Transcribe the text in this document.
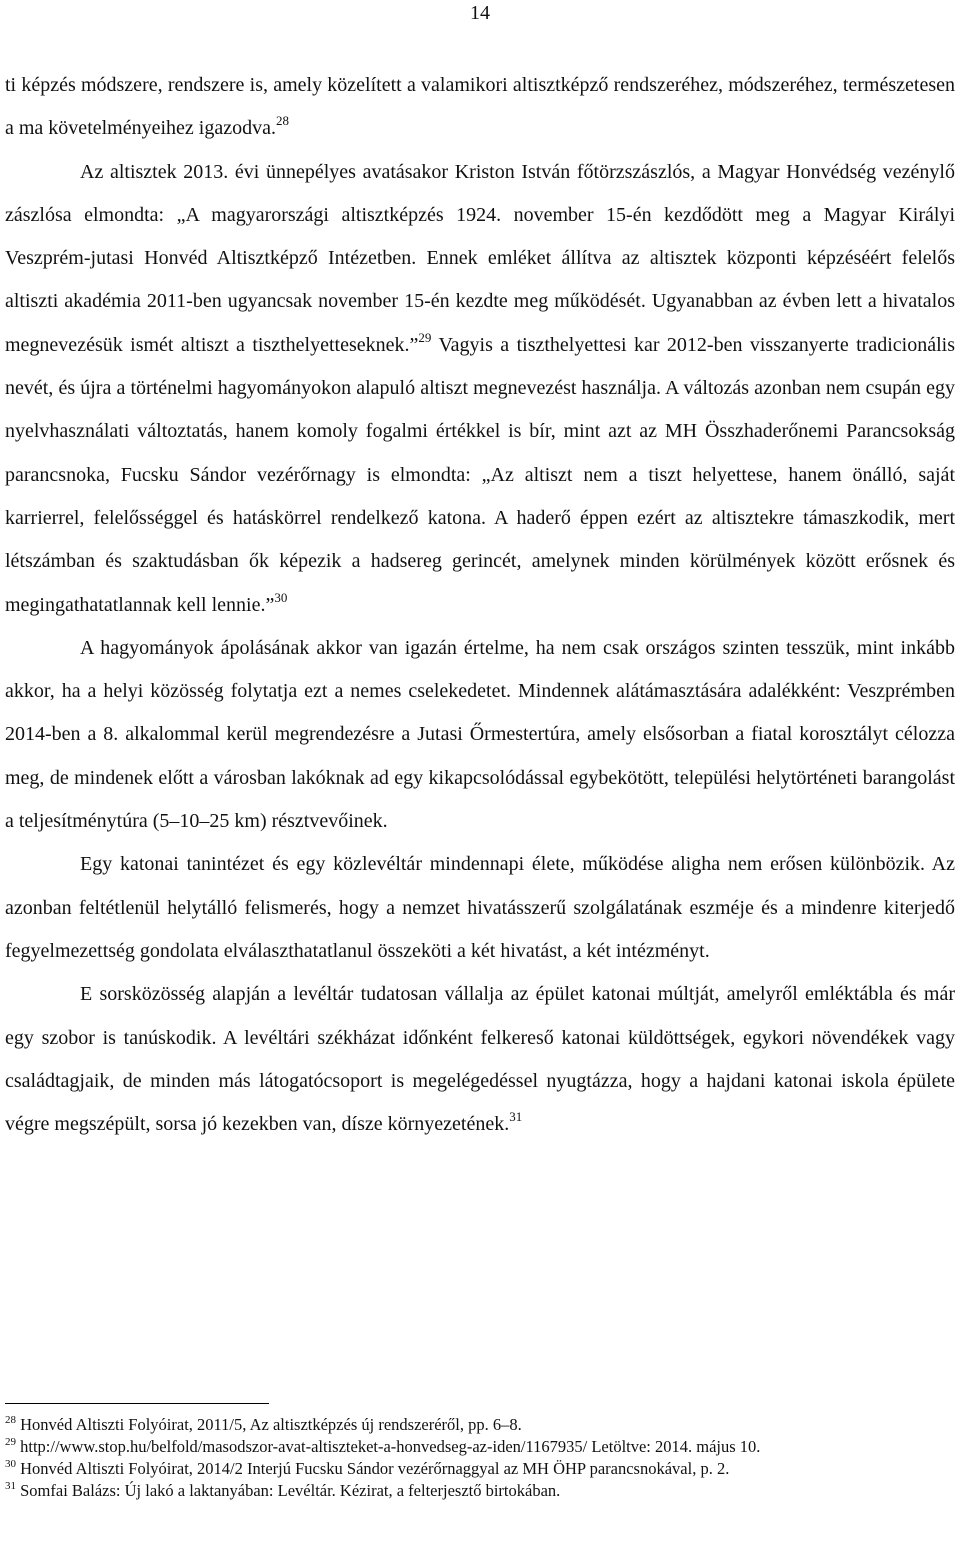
14

ti képzés módszere, rendszere is, amely közelített a valamikori altisztképző rendszeréhez, módszeréhez, természetesen a ma követelményeihez igazodva.$^{28}$

Az altisztek 2013. évi ünnepélyes avatásakor Kriston István főtörzszászlós, a Magyar Honvédség vezénylő zászlósa elmondta: „A magyarországi altisztképzés 1924. november 15-én kezdődött meg a Magyar Királyi Veszprém-jutasi Honvéd Altisztképző Intézetben. Ennek emléket állítva az altisztek központi képzéséért felelős altiszti akadémia 2011-ben ugyancsak november 15-én kezdte meg működését. Ugyanabban az évben lett a hivatalos megnevezésük ismét altiszt a tiszthelyetteseknek.”$^{29}$ Vagyis a tiszthelyettesi kar 2012-ben visszanyerte tradicionális nevét, és újra a történelmi hagyományokon alapuló altiszt megnevezést használja. A változás azonban nem csupán egy nyelvhasználati változtatás, hanem komoly fogalmi értékkel is bír, mint azt az MH Összhaderőnemi Parancsokság parancsnoka, Fucsku Sándor vezérőrnagy is elmondta: „Az altiszt nem a tiszt helyettese, hanem önálló, saját karrierrel, felelősséggel és hatáskörrel rendelkező katona. A haderő éppen ezért az altisztekre támaszkodik, mert létszámban és szaktudásban ők képezik a hadsereg gerincét, amelynek minden körülmények között erősnek és megingathatatlannak kell lennie.”$^{30}$

A hagyományok ápolásának akkor van igazán értelme, ha nem csak országos szinten tesszük, mint inkább akkor, ha a helyi közösség folytatja ezt a nemes cselekedetet. Mindennek alátámasztására adalékként: Veszprémben 2014-ben a 8. alkalommal kerül megrendezésre a Jutasi Őrmestertúra, amely elsősorban a fiatal korosztályt célozza meg, de mindenek előtt a városban lakóknak ad egy kikapcsolódással egybekötött, települési helytörténeti barangolást a teljesítménytúra (5–10–25 km) résztvevőinek.

Egy katonai tanintézet és egy közlevéltár mindennapi élete, működése aligha nem erősen különbözik. Az azonban feltétlenül helytálló felismerés, hogy a nemzet hivatásszerű szolgálatának eszméje és a mindenre kiterjedő fegyelmezettség gondolata elválaszthatatlanul összeköti a két hivatást, a két intézményt.

E sorsközösség alapján a levéltár tudatosan vállalja az épület katonai múltját, amelyről emléktábla és már egy szobor is tanúskodik. A levéltári székházat időnként felkereső katonai küldöttségek, egykori növendékek vagy családtagjaik, de minden más látogatócsoport is megelégedéssel nyugtázza, hogy a hajdani katonai iskola épülete végre megszépült, sorsa jó kezekben van, dísze környezetének.$^{31}$

$^{28}$ Honvéd Altiszti Folyóirat, 2011/5, Az altisztképzés új rendszeréről, pp. 6–8.

$^{29}$ http://www.stop.hu/belfold/masodszor-avat-altiszteket-a-honvedseg-az-iden/1167935/ Letöltve: 2014. május 10.

$^{30}$ Honvéd Altiszti Folyóirat, 2014/2 Interjú Fucsku Sándor vezérőrnaggyal az MH ÖHP parancsnokával, p. 2.

$^{31}$ Somfai Balázs: Új lakó a laktanyában: Levéltár. Kézirat, a felterjesztő birtokában.
